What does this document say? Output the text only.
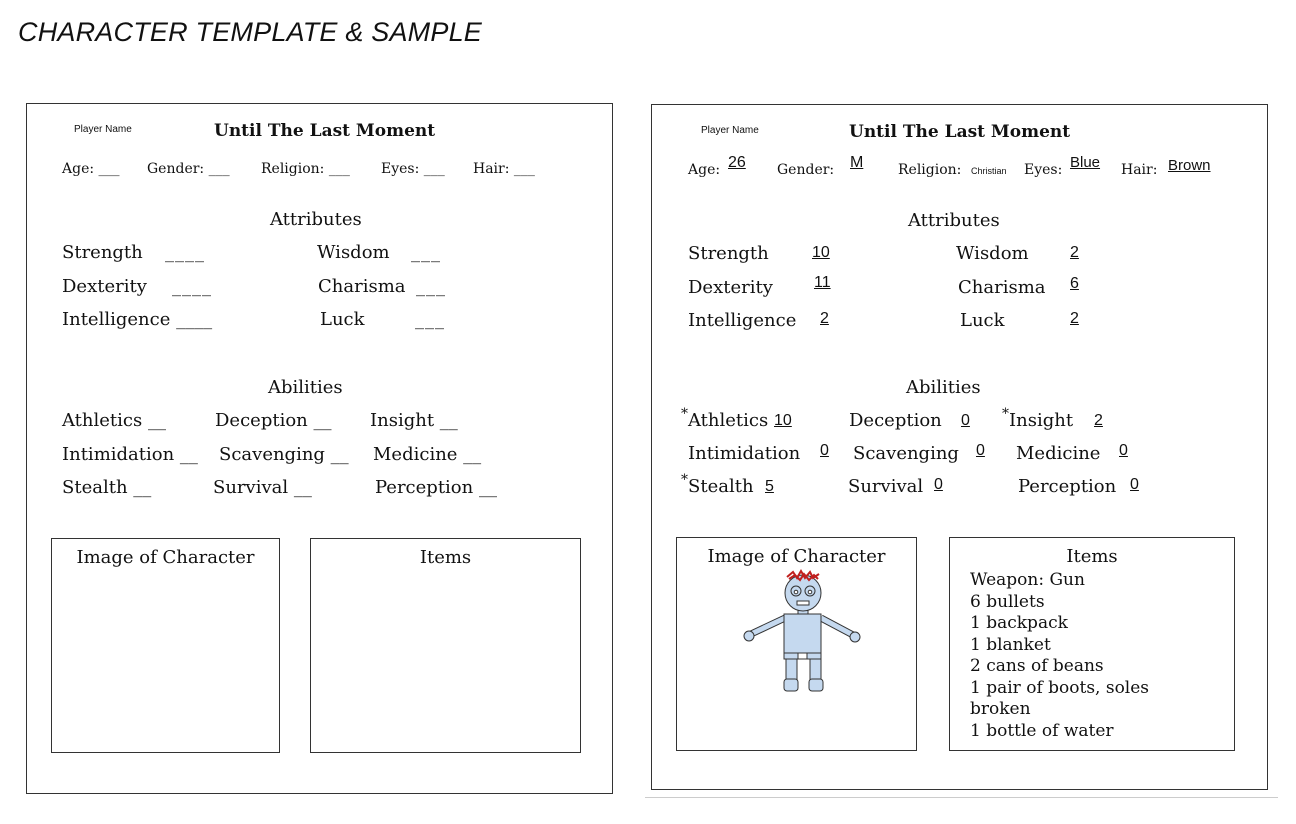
CHARACTER TEMPLATE & SAMPLE
Player Name	Until The Last Moment
Age: ___ Gender: ___ Religion: ___ Eyes: ___ Hair: ___
Attributes
Strength ____	Wisdom ___
Dexterity ____	Charisma ___
Intelligence ____	Luck	___
Abilities
Athletics __	Deception __ Insight __
Intimidation __ Scavenging __ Medicine __
Stealth __	Survival __	Perception __
Image of Character	Items
Player Name	Until The Last Moment
Age: 26 Gender: M Religion: Christian Eyes: Blue Hair: Brown
Attributes
Strength	10	Wisdom	2
Dexterity	11	Charisma 6
Intelligence 2	Luck	2
Abilities
*Athletics 10	Deception 0 *Insight 2
Intimidation 0 Scavenging 0 Medicine 0
*Stealth 5	Survival 0	Perception 0
Image of Character	Items
Weapon: Gun
6 bullets
1 backpack
1 blanket
2 cans of beans
1 pair of boots, soles broken
1 bottle of water
